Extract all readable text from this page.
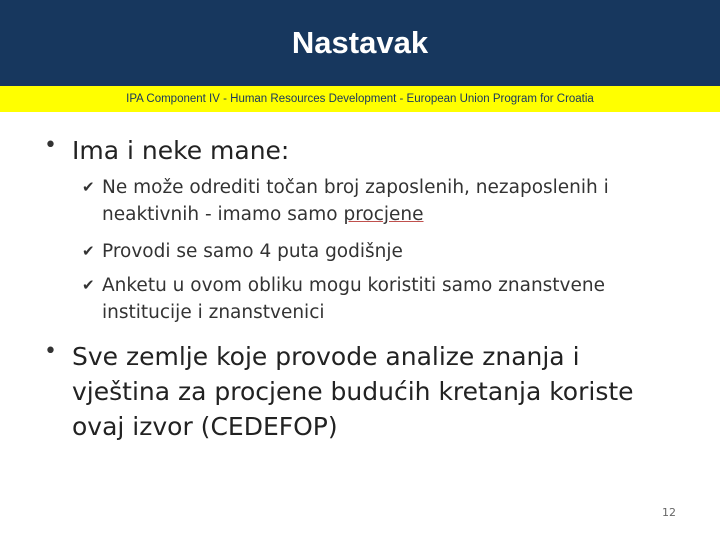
Nastavak
IPA Component IV - Human Resources Development - European Union Program for Croatia
• Ima i neke mane:
✔ Ne može odrediti točan broj zaposlenih, nezaposlenih i
neaktivnih - imamo samo procjene
✔ Provodi se samo 4 puta godišnje
✔ Anketu u ovom obliku mogu koristiti samo znanstvene
institucije i znanstvenici
• Sve zemlje koje provode analize znanja i
vještina za procjene budućih kretanja koriste
ovaj izvor (CEDEFOP)
12
